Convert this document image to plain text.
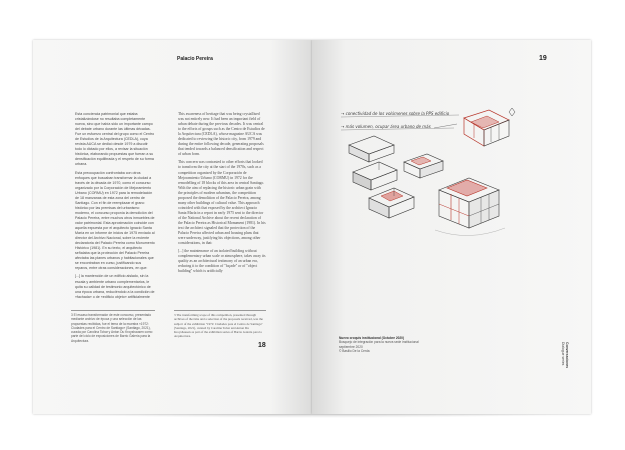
Palacio Pereira

Esta conciencia patrimonial que estaba cristalizándose no resultaba completamente nueva, sino que había sido un importante campo del debate urbano durante las últimas décadas. Fue un esfuerzo central del grupo como el Centro de Estudios de la Arquitectura (CEDLA), cuya revista AUCA se dedicó desde 1979 a discutir todo lo dictado por ellos, a revisar la situación histórica, elaborando propuestas que fueran a su densificación equilibrada y el respeto de su forma urbana.

Esta preocupación confrontaba con otros enfoques que buscaban transformar la ciudad a través de la década de 1970, como el concurso organizado por la Corporación de Mejoramiento Urbano (CORMU) en 1972 para la remodelación de 18 manzanas de esta zona del centro de Santiago. Con el fin de reemplazar el grano histórico por las premisas del urbanismo moderno, el concurso proponía la demolición del Palacio Pereira, entre muchos otros inmuebles de valor patrimonial. Esta aproximación coincide con aquella expuesta por el arquitecto Ignacio Santa María en un informe de inicios de 1975 enviado al director del Archivo Nacional, sobre la reciente declaratoria del Palacio Pereira como Monumento Histórico (1981). En su texto, el arquitecto señalaba que la protección del Palacio Pereira afectaba las planes urbanos y habitacionales que se encontraban en curso, justificando sus reparos, entre otras consideraciones, en que:

[...] la mantención de un edificio aislado, sin la escala y ambiente urbano complementarios, le quita su calidad de testimonio arquitectónico de una época urbana, reduciéndolo a la condición de «fachada» o de «edificio objeto» artificialmente

This awareness of heritage that was being crystallised was not entirely new. It had been an important field of urban debate during the previous decades. It was central to the efforts of groups such as the Centro de Estudios de la Arquitectura (CEDLA), whose magazine AUCA was dedicated to reviewing the historic city, from 1979 and during the entire following decade, generating proposals that tended towards a balanced densification and respect of urban form.

This concern was contrasted to other efforts that looked to transform the city at the start of the 1970s, such as a competition organised by the Corporación de Mejoramiento Urbano (CORMU) in 1972 for the remodelling of 18 blocks of this area in central Santiago. With the aim of replacing the historic urban grain with the principles of modern urbanism, the competition proposed the demolition of the Palacio Pereira, among many other buildings of cultural value. This approach coincided with that exposed by the architect Ignacio Santa María in a report in early 1975 sent to the director of the National Archive about the recent declaration of the Palacio Pereira as Historical Monument (1981). In his text the architect signaled that the protection of the Palacio Pereira affected urban and housing plans that were underway, justifying his objections, among other considerations, in that:

[...] the maintenance of an isolated building without complementary urban scale or atmosphere, takes away its quality as an architectural testimony of an urban era, reducing it to the condition of "façade" or of "object building" which is artificially

3 El escaso transformador de este concurso, presentado mediante archivo de época y una selección de las propuestas recibidas, fue el tema de la muestra «1972: Ciudades para el Centro de Santiago» (Santiago, 2021), curada por Carolina Tobar y Anton Du Kroyshausen como parte del ciclo de exposiciones de Barrio Galería para la Arquitectura.
3 The transforming scope of this competition, presented through archives of the time and a selection of the proposals received, was the subject of the exhibition "1972: Ciudades para el Centro de Santiago" (Santiago, 2021), curated by Carolina Tobar and Anton Du Kroyshausen as part of the exhibition series of Barrio Galería para la Arquitectura.
18
19
→ conectividad de los volúmenes sobre la PPS edificio
→ más volumen, ocupar área urbano de más
Nuevo croquis institucional (Octubre 2020)
Bosquejo de integración para la nueva sede institucional
septiembre 2020
© Basilio De la Cerda	Conversaciones
Dialogue series
